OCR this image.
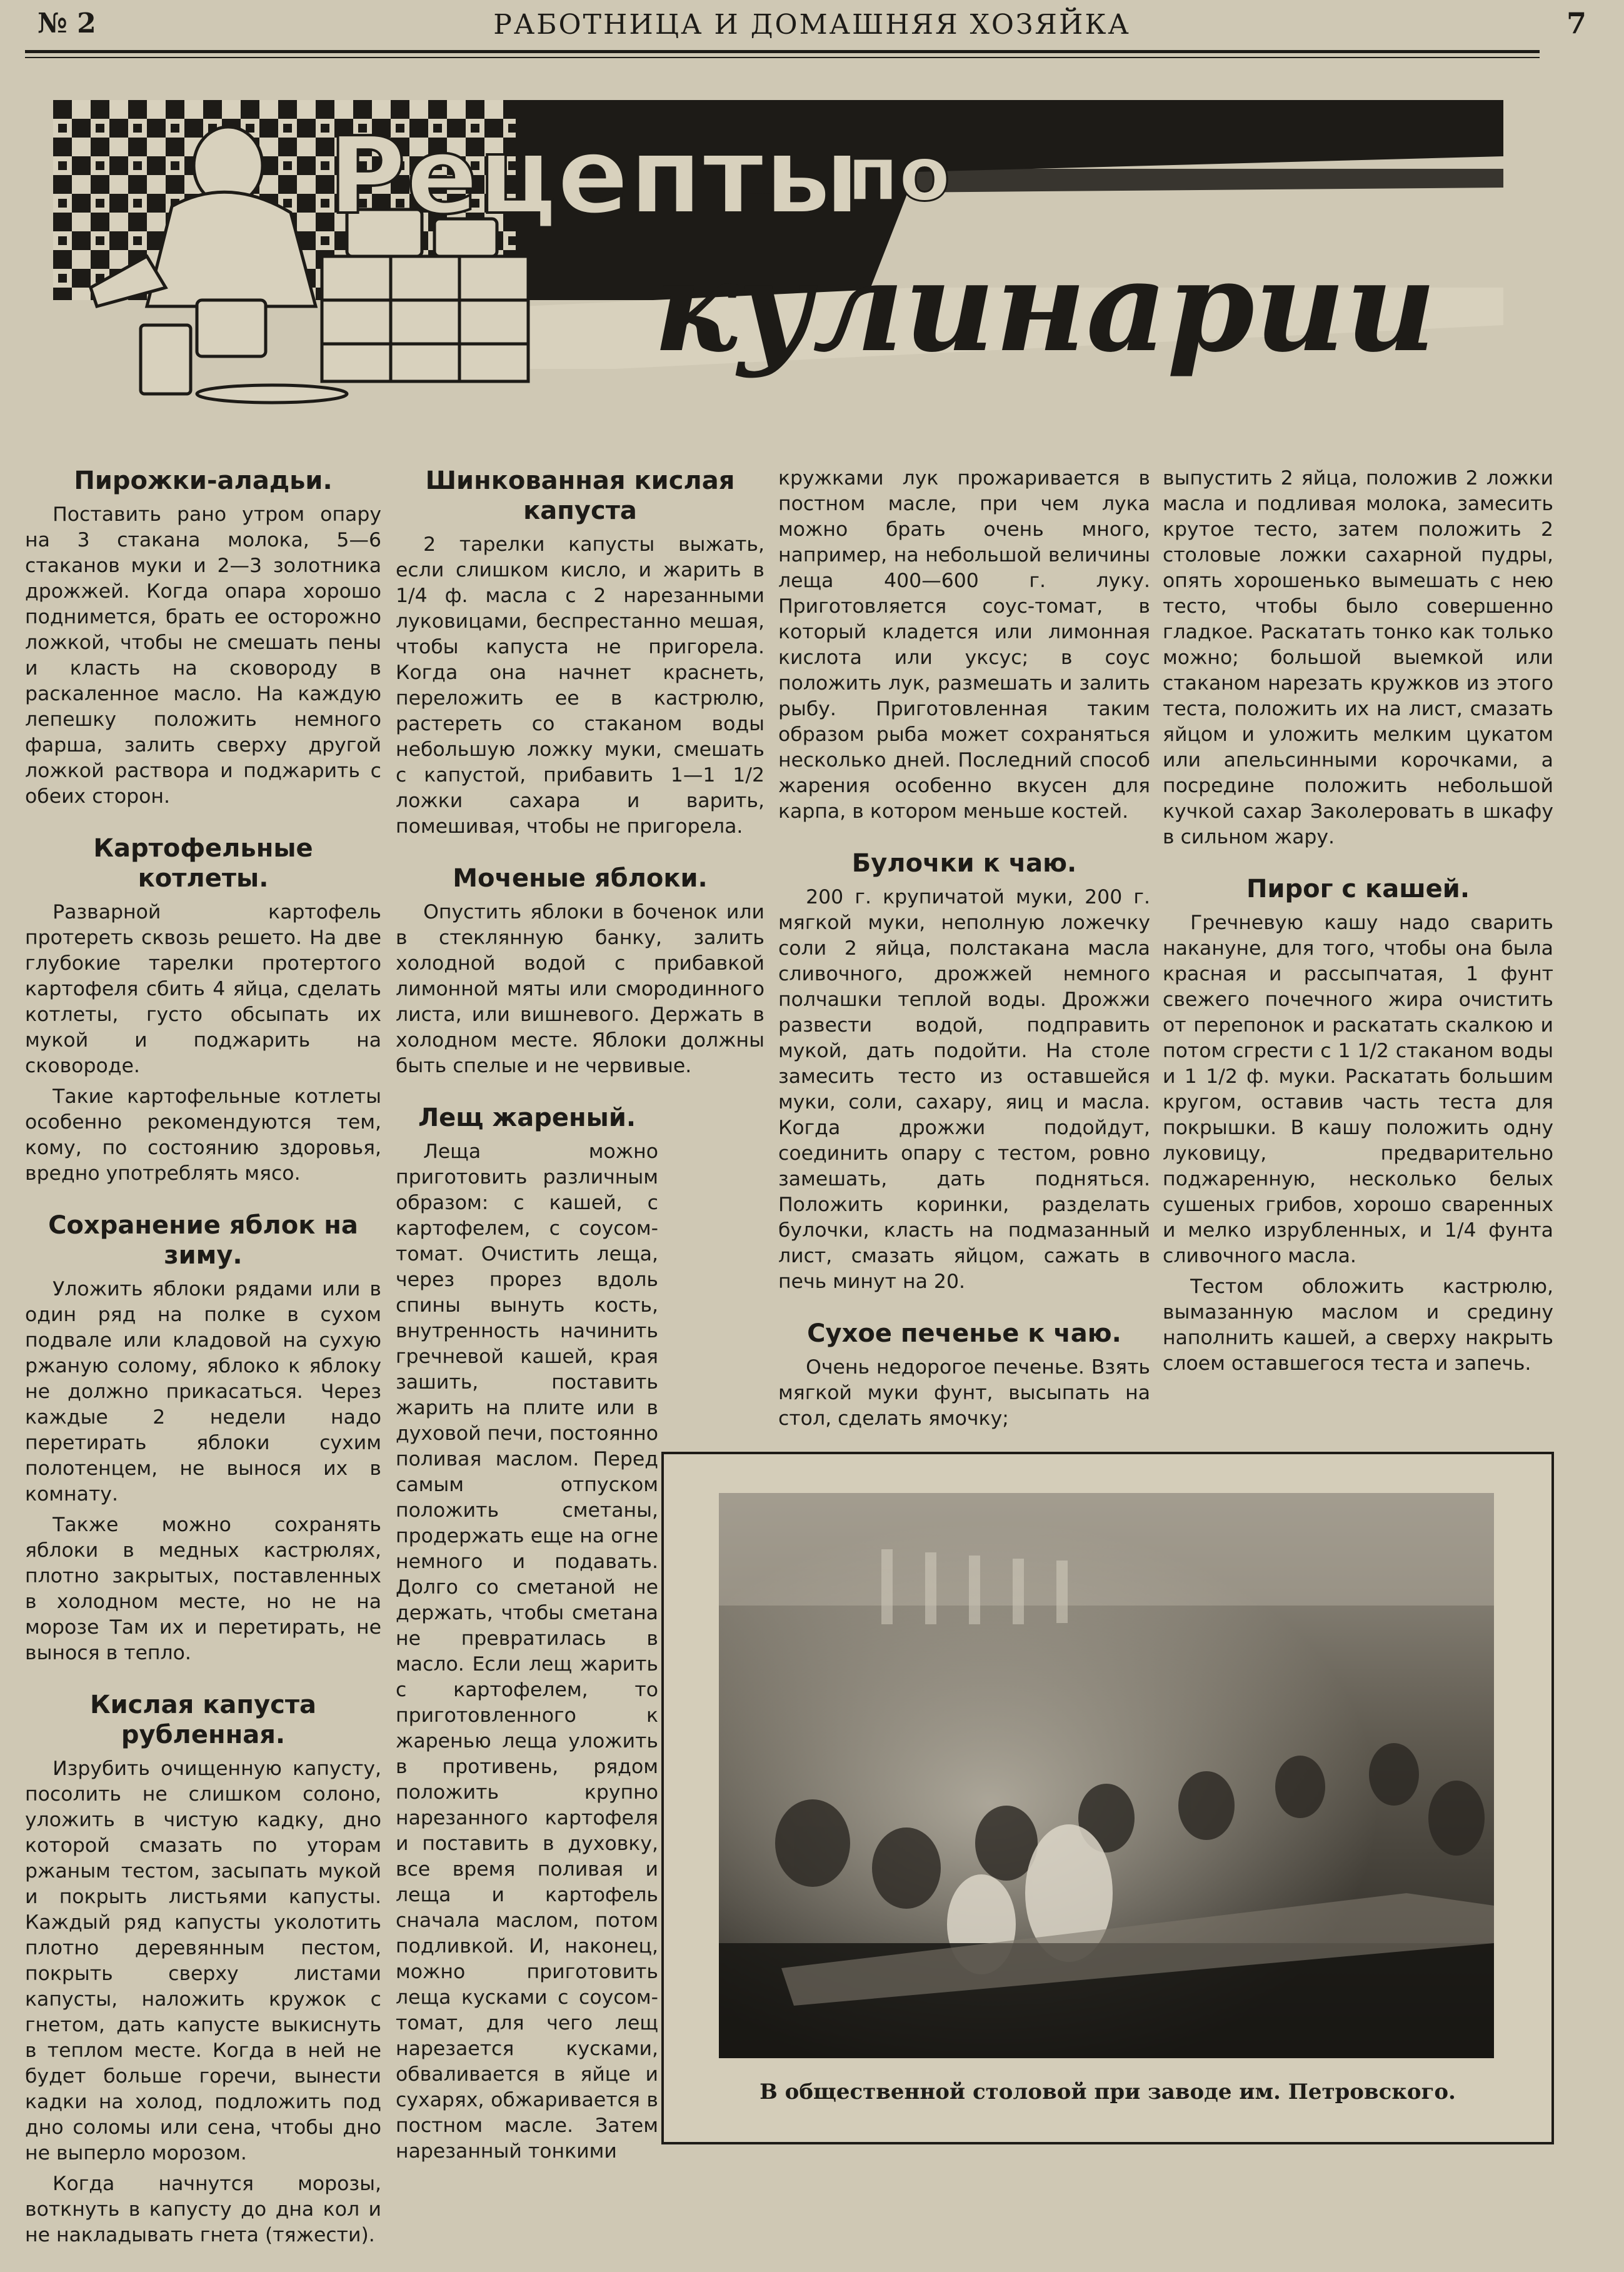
№ 2	РАБОТНИЦА И ДОМАШНЯЯ ХОЗЯЙКА	7
Рецепты
по
кулинарии
Пирожки-аладьи.

Поставить рано утром опару на 3 стакана молока, 5—6 стаканов муки и 2—3 золотника дрожжей. Когда опара хорошо поднимется, брать ее осторожно ложкой, чтобы не смешать пены и класть на сковороду в раскаленное масло. На каждую лепешку положить немного фарша, залить сверху другой ложкой раствора и поджарить с обеих сторон.

Картофельные котлеты.

Разварной картофель протереть сквозь решето. На две глубокие тарелки протертого картофеля сбить 4 яйца, сделать котлеты, густо обсыпать их мукой и поджарить на сковороде.

Такие картофельные котлеты особенно рекомендуются тем, кому, по состоянию здоровья, вредно употреблять мясо.

Сохранение яблок на зиму.

Уложить яблоки рядами или в один ряд на полке в сухом подвале или кладовой на сухую ржаную солому, яблоко к яблоку не должно прикасаться. Через каждые 2 недели надо перетирать яблоки сухим полотенцем, не вынося их в комнату.

Также можно сохранять яблоки в медных кастрюлях, плотно закрытых, поставленных в холодном месте, но не на морозе Там их и перетирать, не вынося в тепло.

Кислая капуста рубленная.

Изрубить очищенную капусту, посолить не слишком солоно, уложить в чистую кадку, дно которой смазать по уторам ржаным тестом, засыпать мукой и покрыть листьями капусты. Каждый ряд капусты уколотить плотно деревянным пестом, покрыть сверху листами капусты, наложить кружок с гнетом, дать капусте выкиснуть в теплом месте. Когда в ней не будет больше горечи, вынести кадки на холод, подложить под дно соломы или сена, чтобы дно не выперло морозом.

Когда начнутся морозы, воткнуть в капусту до дна кол и не накладывать гнета (тяжести).

Шинкованная кислая капуста

2 тарелки капусты выжать, если слишком кисло, и жарить в 1/4 ф. масла с 2 нарезанными луковицами, беспрестанно мешая, чтобы капуста не пригорела. Когда она начнет краснеть, переложить ее в кастрюлю, растереть со стаканом воды небольшую ложку муки, смешать с капустой, прибавить 1—1 1/2 ложки сахара и варить, помешивая, чтобы не пригорела.

Моченые яблоки.

Опустить яблоки в боченок или в стеклянную банку, залить холодной водой с прибавкой лимонной мяты или смородинного листа, или вишневого. Держать в холодном месте. Яблоки должны быть спелые и не червивые.

Лещ жареный.

Леща можно приготовить различным образом: с кашей, с картофелем, с соусом-томат. Очистить леща, через прорез вдоль спины вынуть кость, внутренность начинить гречневой кашей, края зашить, поставить жарить на плите или в духовой печи, постоянно поливая маслом. Перед самым отпуском положить сметаны, продержать еще на огне немного и подавать. Долго со сметаной не держать, чтобы сметана не превратилась в масло. Если лещ жарить с картофелем, то приготовленного к жаренью леща уложить в противень, рядом положить крупно нарезанного картофеля и поставить в духовку, все время поливая и леща и картофель сначала маслом, потом подливкой. И, наконец, можно приготовить леща кусками с соусом-томат, для чего лещ нарезается кусками, обваливается в яйце и сухарях, обжаривается в постном масле. Затем нарезанный тонкими

кружками лук прожаривается в постном масле, при чем лука можно брать очень много, например, на небольшой величины леща 400—600 г. луку. Приготовляется соус-томат, в который кладется или лимонная кислота или уксус; в соус положить лук, размешать и залить рыбу. Приготовленная таким образом рыба может сохраняться несколько дней. Последний способ жарения особенно вкусен для карпа, в котором меньше костей.

Булочки к чаю.

200 г. крупичатой муки, 200 г. мягкой муки, неполную ложечку соли 2 яйца, полстакана масла сливочного, дрожжей немного полчашки теплой воды. Дрожжи развести водой, подправить мукой, дать подойти. На столе замесить тесто из оставшейся муки, соли, сахару, яиц и масла. Когда дрожжи подойдут, соединить опару с тестом, ровно замешать, дать подняться. Положить коринки, разделать булочки, класть на подмазанный лист, смазать яйцом, сажать в печь минут на 20.

Сухое печенье к чаю.

Очень недорогое печенье. Взять мягкой муки фунт, высыпать на стол, сделать ямочку;

выпустить 2 яйца, положив 2 ложки масла и подливая молока, замесить крутое тесто, затем положить 2 столовые ложки сахарной пудры, опять хорошенько вымешать с нею тесто, чтобы было совершенно гладкое. Раскатать тонко как только можно; большой выемкой или стаканом нарезать кружков из этого теста, положить их на лист, смазать яйцом и уложить мелким цукатом или апельсинными корочками, а посредине положить небольшой кучкой сахар Заколеровать в шкафу в сильном жару.

Пирог с кашей.

Гречневую кашу надо сварить накануне, для того, чтобы она была красная и рассыпчатая, 1 фунт свежего почечного жира очистить от перепонок и раскатать скалкою и потом сгрести с 1 1/2 стаканом воды и 1 1/2 ф. муки. Раскатать большим кругом, оставив часть теста для покрышки. В кашу положить одну луковицу, предварительно поджаренную, несколько белых сушеных грибов, хорошо сваренных и мелко изрубленных, и 1/4 фунта сливочного масла.

Тестом обложить кастрюлю, вымазанную маслом и средину наполнить кашей, а сверху накрыть слоем оставшегося теста и запечь.

В общественной столовой при заводе им. Петровского.
